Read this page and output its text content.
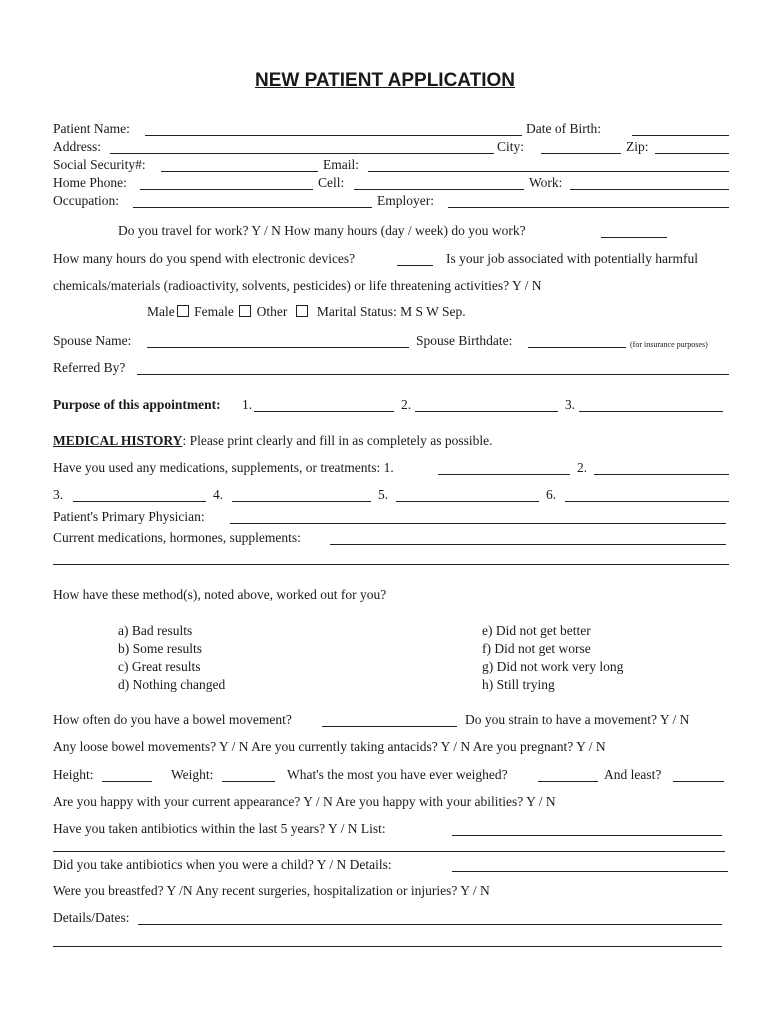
NEW PATIENT APPLICATION
Patient Name:	Date of Birth:
Address:	City:	Zip:
Social Security#:	Email:
Home Phone:	Cell:	Work:
Occupation:	Employer:
Do you travel for work? Y / N How many hours (day / week) do you work?
How many hours do you spend with electronic devices?	Is your job associated with potentially harmful
chemicals/materials (radioactivity, solvents, pesticides) or life threatening activities? Y / N
Male Female Other Marital Status: M S W Sep.
Spouse Name:	Spouse Birthdate:	(for insurance purposes)
Referred By?
Purpose of this appointment: 1.	2.	3.
MEDICAL HISTORY: Please print clearly and fill in as completely as possible.
Have you used any medications, supplements, or treatments: 1.	2.
3.	4.	5.	6.
Patient's Primary Physician:
Current medications, hormones, supplements:
How have these method(s), noted above, worked out for you?
a) Bad results
b) Some results
c) Great results
d) Nothing changed
e) Did not get better
f) Did not get worse
g) Did not work very long
h) Still trying
How often do you have a bowel movement?	Do you strain to have a movement? Y / N
Any loose bowel movements? Y / N Are you currently taking antacids? Y / N Are you pregnant? Y / N
Height:	Weight:	What's the most you have ever weighed?	And least?
Are you happy with your current appearance? Y / N Are you happy with your abilities? Y / N
Have you taken antibiotics within the last 5 years? Y / N List:
Did you take antibiotics when you were a child? Y / N Details:
Were you breastfed? Y /N Any recent surgeries, hospitalization or injuries? Y / N
Details/Dates:
